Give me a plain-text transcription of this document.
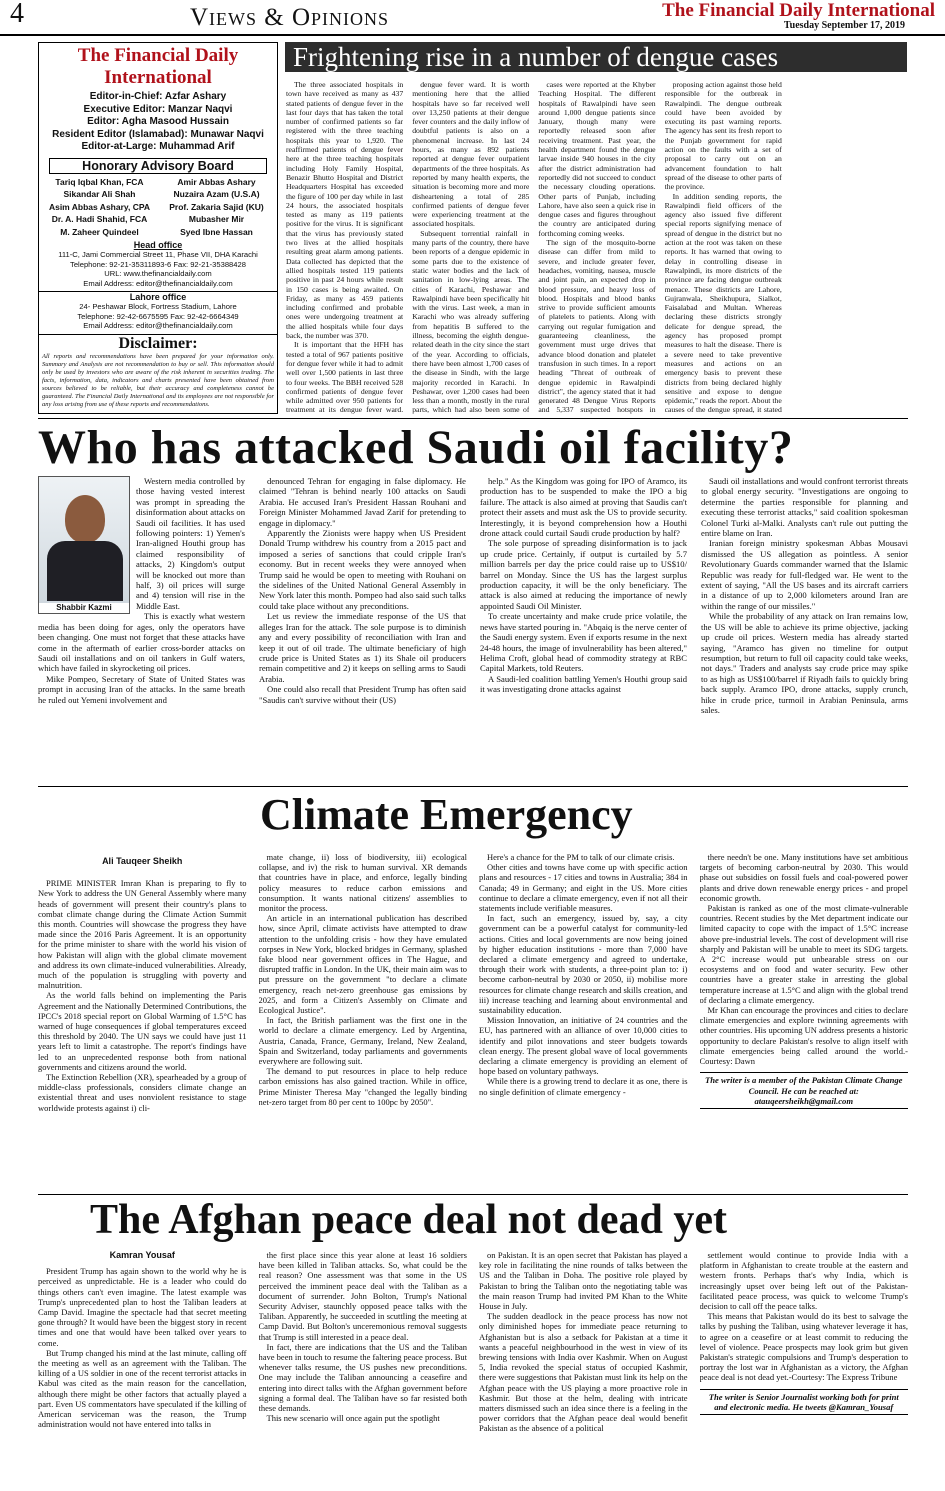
4	Views & Opinions	The Financial Daily International
Tuesday September 17, 2019
The Financial Daily International
Editor-in-Chief: Azfar Ashary
Executive Editor: Manzar Naqvi
Editor: Agha Masood Hussain
Resident Editor (Islamabad): Munawar Naqvi
Editor-at-Large: Muhammad Arif
Honorary Advisory Board
Tariq Iqbal Khan, FCA	Amir Abbas Ashary
Sikandar Ali Shah	Nuzaira Azam (U.S.A)
Asim Abbas Ashary, CPA	Prof. Zakaria Sajid (KU)
Dr. A. Hadi Shahid, FCA	Mubasher Mir
M. Zaheer Quindeel	Syed Ibne Hassan
Head office
111-C, Jami Commercial Street 11, Phase VII, DHA Karachi
Telephone: 92-21-35311893-6 Fax: 92-21-35388428
URL: www.thefinancialdaily.com
Email Address: editor@thefinancialdaily.com
Lahore office
24- Peshawar Block, Fortress Stadium, Lahore
Telephone: 92-42-6675595 Fax: 92-42-6664349
Email Address: editor@thefinancialdaily.com
Disclaimer:
All reports and recommendations have been prepared for your information only. Summary and Analysis are not recommendation to buy or sell. This information should only be used by investors who are aware of the risk inherent in securities trading. The facts, information, data, indicators and charts presented have been obtained from sources believed to be reliable, but their accuracy and completeness cannot be guaranteed. The Financial Daily International and its employees are not responsible for any loss arising from use of these reports and recommendations.
Frightening rise in a number of dengue cases

The three associated hospitals in town have received as many as 437 stated patients of dengue fever in the last four days that has taken the total number of confirmed patients so far registered with the three teaching hospitals this year to 1,920. The reaffirmed patients of dengue fever here at the three teaching hospitals including Holy Family Hospital, Benazir Bhutto Hospital and District Headquarters Hospital has exceeded the figure of 100 per day while in last 24 hours, the associated hospitals tested as many as 119 patients positive for the virus. It is significant that the virus has previously stated two lives at the allied hospitals resulting great alarm among patients. Data collected has depicted that the allied hospitals tested 119 patients positive in past 24 hours while result in 150 cases is being awaited. On Friday, as many as 459 patients including confirmed and probable ones were undergoing treatment at the allied hospitals while four days back, the number was 370.

It is important that the HFH has tested a total of 967 patients positive for dengue fever while it had to admit well over 1,500 patients in last three to four weeks. The BBH received 528 confirmed patients of dengue fever while admitted over 950 patients for treatment at its dengue fever ward.

dengue fever ward. It is worth mentioning here that the allied hospitals have so far received well over 13,250 patients at their dengue fever counters and the daily inflow of doubtful patients is also on a phenomenal increase. In last 24 hours, as many as 892 patients reported at dengue fever outpatient departments of the three hospitals. As reported by many health experts, the situation is becoming more and more disheartening a total of 285 confirmed patients of dengue fever were experiencing treatment at the associated hospitals.

Subsequent torrential rainfall in many parts of the country, there have been reports of a dengue epidemic in some parts due to the existence of static water bodies and the lack of sanitation in low-lying areas. The cities of Karachi, Peshawar and Rawalpindi have been specifically hit with the virus. Last week, a man in Karachi who was already suffering from hepatitis B suffered to the illness, becoming the eighth dengue-related death in the city since the start of the year. According to officials, there have been almost 1,700 cases of the disease in Sindh, with the large majority recorded in Karachi. In Peshawar, over 1,200 cases had been less than a month, mostly in the rural parts, which had also been some of

cases were reported at the Khyber Teaching Hospital. The different hospitals of Rawalpindi have seen around 1,000 dengue patients since January, though many were reportedly released soon after receiving treatment. Past year, the health department found the dengue larvae inside 940 houses in the city after the district administration had reportedly did not succeed to conduct the necessary clouding operations. Other parts of Punjab, including Lahore, have also seen a quick rise in dengue cases and figures throughout the country are anticipated during forthcoming coming weeks.

The sign of the mosquito-borne disease can differ from mild to severe, and include greater fever, headaches, vomiting, nausea, muscle and joint pain, an expected drop in blood pressure, and heavy loss of blood. Hospitals and blood banks strive to provide sufficient amounts of platelets to patients. Along with carrying out regular fumigation and guaranteeing cleanliness, the government must urge drives that advance blood donation and platelet transfusion in such times. In a report heading "Threat of outbreak of dengue epidemic in Rawalpindi district", the agency stated that it had generated 48 Dengue Virus Reports and 5,337 suspected hotspots in

proposing action against those held responsible for the outbreak in Rawalpindi. The dengue outbreak could have been avoided by executing its past warning reports. The agency has sent its fresh report to the Punjab government for rapid action on the faults with a set of proposal to carry out on an advancement foundation to halt spread of the disease to other parts of the province.

In addition sending reports, the Rawalpindi field officers of the agency also issued five different special reports signifying menace of spread of dengue in the district but no action at the root was taken on these reports. It has warned that owing to delay in controlling disease in Rawalpindi, its more districts of the province are facing dengue outbreak menace. These districts are Lahore, Gujranwala, Sheikhupura, Sialkot, Faisalabad and Multan. Whereas declaring these districts strongly delicate for dengue spread, the agency has proposed prompt measures to halt the disease. There is a severe need to take preventive measures and actions on an emergency basis to prevent these districts from being declared highly sensitive and expose to dengue epidemic," reads the report. About the causes of the dengue spread, it stated

Who has attacked Saudi oil facility?
Shabbir Kazmi

Western media controlled by those having vested interest was prompt in spreading the disinformation about attacks on Saudi oil facilities. It has used following pointers: 1) Yemen's Iran-aligned Houthi group has claimed responsibility of attacks, 2) Kingdom's output will be knocked out more than half, 3) oil prices will surge and 4) tension will rise in the Middle East.

This is exactly what western media has been doing for ages, only the operators have been changing. One must not forget that these attacks have come in the aftermath of earlier cross-border attacks on Saudi oil installations and on oil tankers in Gulf waters, which have failed in skyrocketing oil prices.

Mike Pompeo, Secretary of State of United States was prompt in accusing Iran of the attacks. In the same breath he ruled out Yemeni involvement and

denounced Tehran for engaging in false diplomacy. He claimed "Tehran is behind nearly 100 attacks on Saudi Arabia. He accused Iran's President Hassan Rouhani and Foreign Minister Mohammed Javad Zarif for pretending to engage in diplomacy."

Apparently the Zionists were happy when US President Donald Trump withdrew his country from a 2015 pact and imposed a series of sanctions that could cripple Iran's economy. But in recent weeks they were annoyed when Trump said he would be open to meeting with Rouhani on the sidelines of the United National General Assembly in New York later this month. Pompeo had also said such talks could take place without any preconditions.

Let us review the immediate response of the US that alleges Iran for the attack. The sole purpose is to diminish any and every possibility of reconciliation with Iran and keep it out of oil trade. The ultimate beneficiary of high crude price is United States as 1) its Shale oil producers remain competitive and 2) it keeps on selling arms to Saudi Arabia.

One could also recall that President Trump has often said "Saudis can't survive without their (US)

help." As the Kingdom was going for IPO of Aramco, its production has to be suspended to make the IPO a big failure. The attack is also aimed at proving that Saudis can't protect their assets and must ask the US to provide security. Interestingly, it is beyond comprehension how a Houthi drone attack could curtail Saudi crude production by half?

The sole purpose of spreading disinformation is to jack up crude price. Certainly, if output is curtailed by 5.7 million barrels per day the price could raise up to US$10/ barrel on Monday. Since the US has the largest surplus production capacity, it will be the only beneficiary. The attack is also aimed at reducing the importance of newly appointed Saudi Oil Minister.

To create uncertainty and make crude price volatile, the news have started pouring in. "Abqaiq is the nerve center of the Saudi energy system. Even if exports resume in the next 24-48 hours, the image of invulnerability has been altered," Helima Croft, global head of commodity strategy at RBC Capital Markets, told Reuters.

A Saudi-led coalition battling Yemen's Houthi group said it was investigating drone attacks against

Saudi oil installations and would confront terrorist threats to global energy security. "Investigations are ongoing to determine the parties responsible for planning and executing these terrorist attacks," said coalition spokesman Colonel Turki al-Malki. Analysts can't rule out putting the entire blame on Iran.

Iranian foreign ministry spokesman Abbas Mousavi dismissed the US allegation as pointless. A senior Revolutionary Guards commander warned that the Islamic Republic was ready for full-fledged war. He went to the extent of saying, "All the US bases and its aircraft carriers in a distance of up to 2,000 kilometers around Iran are within the range of our missiles."

While the probability of any attack on Iran remains low, the US will be able to achieve its prime objective, jacking up crude oil prices. Western media has already started saying, "Aramco has given no timeline for output resumption, but return to full oil capacity could take weeks, not days." Traders and analysts say crude price may spike to as high as US$100/barrel if Riyadh fails to quickly bring back supply. Aramco IPO, drone attacks, supply crunch, hike in crude price, turmoil in Arabian Peninsula, arms sales.

Climate Emergency
Ali Tauqeer Sheikh

PRIME MINISTER Imran Khan is preparing to fly to New York to address the UN General Assembly where many heads of government will present their country's plans to combat climate change during the Climate Action Summit this month. Countries will showcase the progress they have made since the 2016 Paris Agreement. It is an opportunity for the prime minister to share with the world his vision of how Pakistan will align with the global climate movement and address its own climate-induced vulnerabilities. Already, much of the population is struggling with poverty and malnutrition.

As the world falls behind on implementing the Paris Agreement and the Nationally Determined Contributions, the IPCC's 2018 special report on Global Warming of 1.5°C has warned of huge consequences if global temperatures exceed this threshold by 2040. The UN says we could have just 11 years left to limit a catastrophe. The report's findings have led to an unprecedented response both from national governments and citizens around the world.

The Extinction Rebellion (XR), spearheaded by a group of middle-class professionals, considers climate change an existential threat and uses nonviolent resistance to stage worldwide protests against i) cli-

mate change, ii) loss of biodiversity, iii) ecological collapse, and iv) the risk to human survival. XR demands that countries have in place, and enforce, legally binding policy measures to reduce carbon emissions and consumption. It wants national citizens' assemblies to monitor the process.

An article in an international publication has described how, since April, climate activists have attempted to draw attention to the unfolding crisis - how they have emulated corpses in New York, blocked bridges in Germany, splashed fake blood near government offices in The Hague, and disrupted traffic in London. In the UK, their main aim was to put pressure on the government "to declare a climate emergency, reach net-zero greenhouse gas emissions by 2025, and form a Citizen's Assembly on Climate and Ecological Justice".

In fact, the British parliament was the first one in the world to declare a climate emergency. Led by Argentina, Austria, Canada, France, Germany, Ireland, New Zealand, Spain and Switzerland, today parliaments and governments everywhere are following suit.

The demand to put resources in place to help reduce carbon emissions has also gained traction. While in office, Prime Minister Theresa May "changed the legally binding net-zero target from 80 per cent to 100pc by 2050".

Here's a chance for the PM to talk of our climate crisis.

Other cities and towns have come up with specific action plans and resources - 17 cities and towns in Australia; 384 in Canada; 49 in Germany; and eight in the US. More cities continue to declare a climate emergency, even if not all their statements include verifiable measures.

In fact, such an emergency, issued by, say, a city government can be a powerful catalyst for community-led actions. Cities and local governments are now being joined by higher education institutions - more than 7,000 have declared a climate emergency and agreed to undertake, through their work with students, a three-point plan to: i) become carbon-neutral by 2030 or 2050, ii) mobilise more resources for climate change research and skills creation, and iii) increase teaching and learning about environmental and sustainability education.

Mission Innovation, an initiative of 24 countries and the EU, has partnered with an alliance of over 10,000 cities to identify and pilot innovations and steer budgets towards clean energy. The present global wave of local governments declaring a climate emergency is providing an element of hope based on voluntary pathways.

While there is a growing trend to declare it as one, there is no single definition of climate emergency -

there needn't be one. Many institutions have set ambitious targets of becoming carbon-neutral by 2030. This would phase out subsidies on fossil fuels and coal-powered power plants and drive down renewable energy prices - and propel economic growth.

Pakistan is ranked as one of the most climate-vulnerable countries. Recent studies by the Met department indicate our limited capacity to cope with the impact of 1.5°C increase above pre-industrial levels. The cost of development will rise sharply and Pakistan will be unable to meet its SDG targets. A 2°C increase would put unbearable stress on our ecosystems and on food and water security. Few other countries have a greater stake in arresting the global temperature increase at 1.5°C and align with the global trend of declaring a climate emergency.

Mr Khan can encourage the provinces and cities to declare climate emergencies and explore twinning agreements with other countries. His upcoming UN address presents a historic opportunity to declare Pakistan's resolve to align itself with climate emergencies being called around the world.-Courtesy: Dawn

The writer is a member of the Pakistan Climate Change Council. He can be reached at: atauqeersheikh@gmail.com
The Afghan peace deal not dead yet
Kamran Yousaf

President Trump has again shown to the world why he is perceived as unpredictable. He is a leader who could do things others can't even imagine. The latest example was Trump's unprecedented plan to host the Taliban leaders at Camp David. Imagine the spectacle had that secret meeting gone through? It would have been the biggest story in recent times and one that would have been talked over years to come.

But Trump changed his mind at the last minute, calling off the meeting as well as an agreement with the Taliban. The killing of a US soldier in one of the recent terrorist attacks in Kabul was cited as the main reason for the cancellation, although there might be other factors that actually played a part. Even US commentators have speculated if the killing of American serviceman was the reason, the Trump administration would not have entered into talks in

the first place since this year alone at least 16 soldiers have been killed in Taliban attacks. So, what could be the real reason? One assessment was that some in the US perceived the imminent peace deal with the Taliban as a document of surrender. John Bolton, Trump's National Security Adviser, staunchly opposed peace talks with the Taliban. Apparently, he succeeded in scuttling the meeting at Camp David. But Bolton's unceremonious removal suggests that Trump is still interested in a peace deal.

In fact, there are indications that the US and the Taliban have been in touch to resume the faltering peace process. But whenever talks resume, the US pushes new preconditions. One may include the Taliban announcing a ceasefire and entering into direct talks with the Afghan government before signing a formal deal. The Taliban have so far resisted both these demands.

This new scenario will once again put the spotlight

on Pakistan. It is an open secret that Pakistan has played a key role in facilitating the nine rounds of talks between the US and the Taliban in Doha. The positive role played by Pakistan to bring the Taliban onto the negotiating table was the main reason Trump had invited PM Khan to the White House in July.

The sudden deadlock in the peace process has now not only diminished hopes for immediate peace returning to Afghanistan but is also a setback for Pakistan at a time it wants a peaceful neighbourhood in the west in view of its brewing tensions with India over Kashmir. When on August 5, India revoked the special status of occupied Kashmir, there were suggestions that Pakistan must link its help on the Afghan peace with the US playing a more proactive role in Kashmir. But those at the helm, dealing with intricate matters dismissed such an idea since there is a feeling in the power corridors that the Afghan peace deal would benefit Pakistan as the absence of a political

settlement would continue to provide India with a platform in Afghanistan to create trouble at the eastern and western fronts. Perhaps that's why India, which is increasingly upset over being left out of the Pakistan-facilitated peace process, was quick to welcome Trump's decision to call off the peace talks.

This means that Pakistan would do its best to salvage the talks by pushing the Taliban, using whatever leverage it has, to agree on a ceasefire or at least commit to reducing the level of violence. Peace prospects may look grim but given Pakistan's strategic compulsions and Trump's desperation to portray the lost war in Afghanistan as a victory, the Afghan peace deal is not dead yet.-Courtesy: The Express Tribune

The writer is Senior Journalist working both for print and electronic media. He tweets @Kamran_Yousaf
